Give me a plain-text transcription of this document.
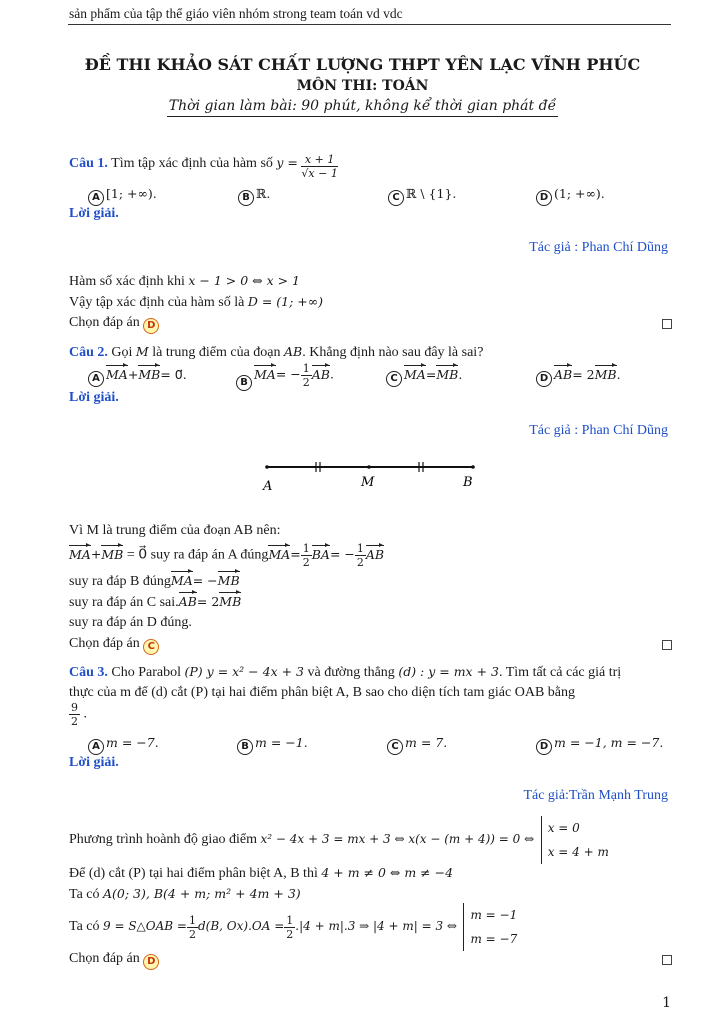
sản phẩm của tập thể giáo viên nhóm strong team toán vd vdc
ĐỀ THI KHẢO SÁT CHẤT LƯỢNG THPT YÊN LẠC VĨNH PHÚC
MÔN THI: TOÁN
Thời gian làm bài: 90 phút, không kể thời gian phát đề
Câu 1. Tìm tập xác định của hàm số $y = \frac{x + 1}{√x - 1}$
A [1; +∞).	B ℝ.	C ℝ \ {1}.	D (1; +∞).
Lời giải.
Tác giả : Phan Chí Dũng
Hàm số xác định khi x − 1 > 0 ⇔ x > 1
Vậy tập xác định của hàm số là D = (1; +∞)
Chọn đáp án D
Câu 2. Gọi M là trung điểm của đoạn AB. Khẳng định nào sau đây là sai?
A MA+MB= 0⃗.
$BMA= - \frac{1}{2}$ AB.	C MA=MB.	D AB= 2MB.
Lời giải.
Tác giả : Phan Chí Dũng
A	M	B
Vì M là trung điểm của đoạn AB nên:
MA+MB = 0⃗ suy ra đáp án A đúngMA= $\frac{1}{2} BA= - \frac{1}{2}$ AB
suy ra đáp B đúngMA= −MB
suy ra đáp án C sai.AB= 2MB
suy ra đáp án D đúng.
Chọn đáp án C
Câu 3. Cho Parabol (P) y = x² − 4x + 3 và đường thẳng (d) : y = mx + 3. Tìm tất cả các giá trị
thực của m để (d) cắt (P) tại hai điểm phân biệt A, B sao cho diện tích tam giác OAB bằng
$\frac{9}{2}$ .
A m = −7.	B m = −1.	C m = 7.	D m = −1, m = −7.
Lời giải.
Tác giả:Trần Mạnh Trung
Phương trình hoành độ giao điểm x² − 4x + 3 = mx + 3 ⇔ x(x − (m + 4)) = 0 ⇔
x = 0
x = 4 + m
Để (d) cắt (P) tại hai điểm phân biệt A, B thì 4 + m ≠ 0 ⇔ m ≠ −4
Ta có A(0; 3), B(4 + m; m² + 4m + 3)
Ta có 9 = S△OAB = $\frac{1}{2} d(B$, $Ox).OA = \frac{1}{2} .|4 + m|.3$ ⇒ |4 + m| = 3 ⇔
m = −1
m = −7
Chọn đáp án D
1
